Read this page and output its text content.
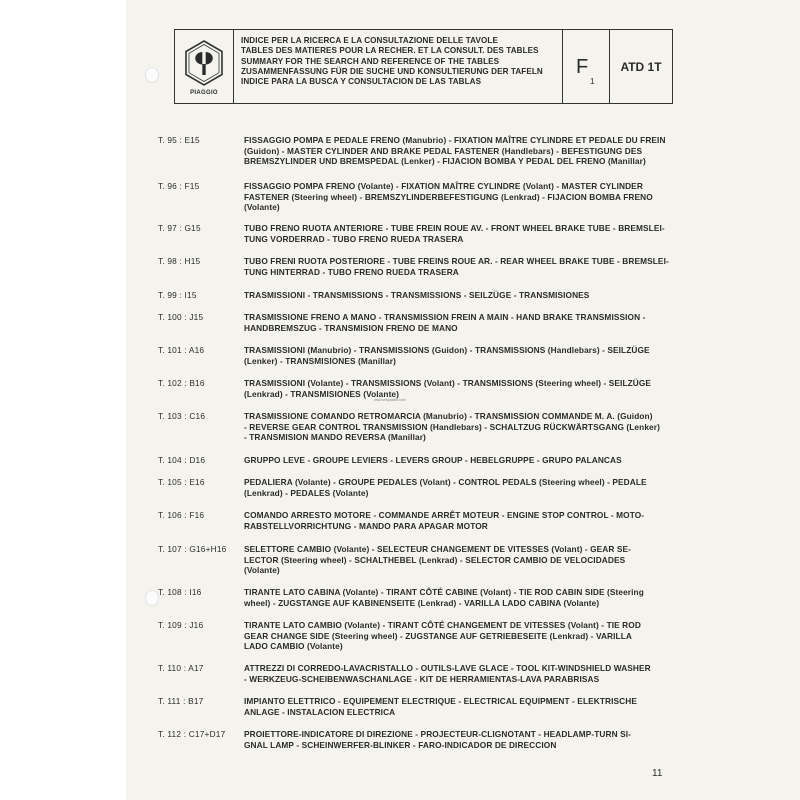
PIAGGIO
INDICE PER LA RICERCA E LA CONSULTAZIONE DELLE TAVOLE
TABLES DES MATIERES POUR LA RECHER. ET LA CONSULT. DES TABLES
SUMMARY FOR THE SEARCH AND REFERENCE OF THE TABLES
ZUSAMMENFASSUNG FÜR DIE SUCHE UND KONSULTIERUNG DER TAFELN
INDICE PARA LA BUSCA Y CONSULTACION DE LAS TABLAS
F
1
ATD 1T
T. 95 : E15	FISSAGGIO POMPA E PEDALE FRENO (Manubrio) - FIXATION MAÎTRE CYLINDRE ET PEDALE DU FREIN
(Guidon) - MASTER CYLINDER AND BRAKE PEDAL FASTENER (Handlebars) - BEFESTIGUNG DES
BREMSZYLINDER UND BREMSPEDAL (Lenker) - FIJACION BOMBA Y PEDAL DEL FRENO (Manillar)
T. 96 : F15	FISSAGGIO POMPA FRENO (Volante) - FIXATION MAÎTRE CYLINDRE (Volant) - MASTER CYLINDER
FASTENER (Steering wheel) - BREMSZYLINDERBEFESTIGUNG (Lenkrad) - FIJACION BOMBA FRENO
(Volante)
T. 97 : G15	TUBO FRENO RUOTA ANTERIORE - TUBE FREIN ROUE AV. - FRONT WHEEL BRAKE TUBE - BREMSLEI-
TUNG VORDERRAD - TUBO FRENO RUEDA TRASERA
T. 98 : H15	TUBO FRENI RUOTA POSTERIORE - TUBE FREINS ROUE AR. - REAR WHEEL BRAKE TUBE - BREMSLEI-
TUNG HINTERRAD - TUBO FRENO RUEDA TRASERA
T. 99 : I15	TRASMISSIONI - TRANSMISSIONS - TRANSMISSIONS - SEILZÜGE - TRANSMISIONES
T. 100 : J15	TRASMISSIONE FRENO A MANO - TRANSMISSION FREIN A MAIN - HAND BRAKE TRANSMISSION -
HANDBREMSZUG - TRANSMISION FRENO DE MANO
T. 101 : A16	TRASMISSIONI (Manubrio) - TRANSMISSIONS (Guidon) - TRANSMISSIONS (Handlebars) - SEILZÜGE
(Lenker) - TRANSMISIONES (Manillar)
T. 102 : B16	TRASMISSIONI (Volante) - TRANSMISSIONS (Volant) - TRANSMISSIONS (Steering wheel) - SEILZÜGE
(Lenkrad) - TRANSMISIONES (Volante)
T. 103 : C16	TRASMISSIONE COMANDO RETROMARCIA (Manubrio) - TRANSMISSION COMMANDE M. A. (Guidon)
- REVERSE GEAR CONTROL TRANSMISSION (Handlebars) - SCHALTZUG RÜCKWÄRTSGANG (Lenker)
- TRANSMISION MANDO REVERSA (Manillar)
T. 104 : D16	GRUPPO LEVE - GROUPE LEVIERS - LEVERS GROUP - HEBELGRUPPE - GRUPO PALANCAS
T. 105 : E16	PEDALIERA (Volante) - GROUPE PEDALES (Volant) - CONTROL PEDALS (Steering wheel) - PEDALE
(Lenkrad) - PEDALES (Volante)
T. 106 : F16	COMANDO ARRESTO MOTORE - COMMANDE ARRÊT MOTEUR - ENGINE STOP CONTROL - MOTO-
RABSTELLVORRICHTUNG - MANDO PARA APAGAR MOTOR
T. 107 : G16+H16 SELETTORE CAMBIO (Volante) - SELECTEUR CHANGEMENT DE VITESSES (Volant) - GEAR SE-
LECTOR (Steering wheel) - SCHALTHEBEL (Lenkrad) - SELECTOR CAMBIO DE VELOCIDADES
(Volante)
T. 108 : I16	TIRANTE LATO CABINA (Volante) - TIRANT CÔTÉ CABINE (Volant) - TIE ROD CABIN SIDE (Steering
wheel) - ZUGSTANGE AUF KABINENSEITE (Lenkrad) - VARILLA LADO CABINA (Volante)
T. 109 : J16	TIRANTE LATO CAMBIO (Volante) - TIRANT CÔTÉ CHANGEMENT DE VITESSES (Volant) - TIE ROD
GEAR CHANGE SIDE (Steering wheel) - ZUGSTANGE AUF GETRIEBESEITE (Lenkrad) - VARILLA
LADO CAMBIO (Volante)
T. 110 : A17	ATTREZZI DI CORREDO-LAVACRISTALLO - OUTILS-LAVE GLACE - TOOL KIT-WINDSHIELD WASHER
- WERKZEUG-SCHEIBENWASCHANLAGE - KIT DE HERRAMIENTAS-LAVA PARABRISAS
T. 111 : B17	IMPIANTO ELETTRICO - EQUIPEMENT ELECTRIQUE - ELECTRICAL EQUIPMENT - ELEKTRISCHE
ANLAGE - INSTALACION ELECTRICA
T. 112 : C17+D17 PROIETTORE-INDICATORE DI DIREZIONE - PROJECTEUR-CLIGNOTANT - HEADLAMP-TURN SI-
GNAL LAMP - SCHEINWERFER-BLINKER - FARO-INDICADOR DE DIRECCION
www.vespaelite.com
11
